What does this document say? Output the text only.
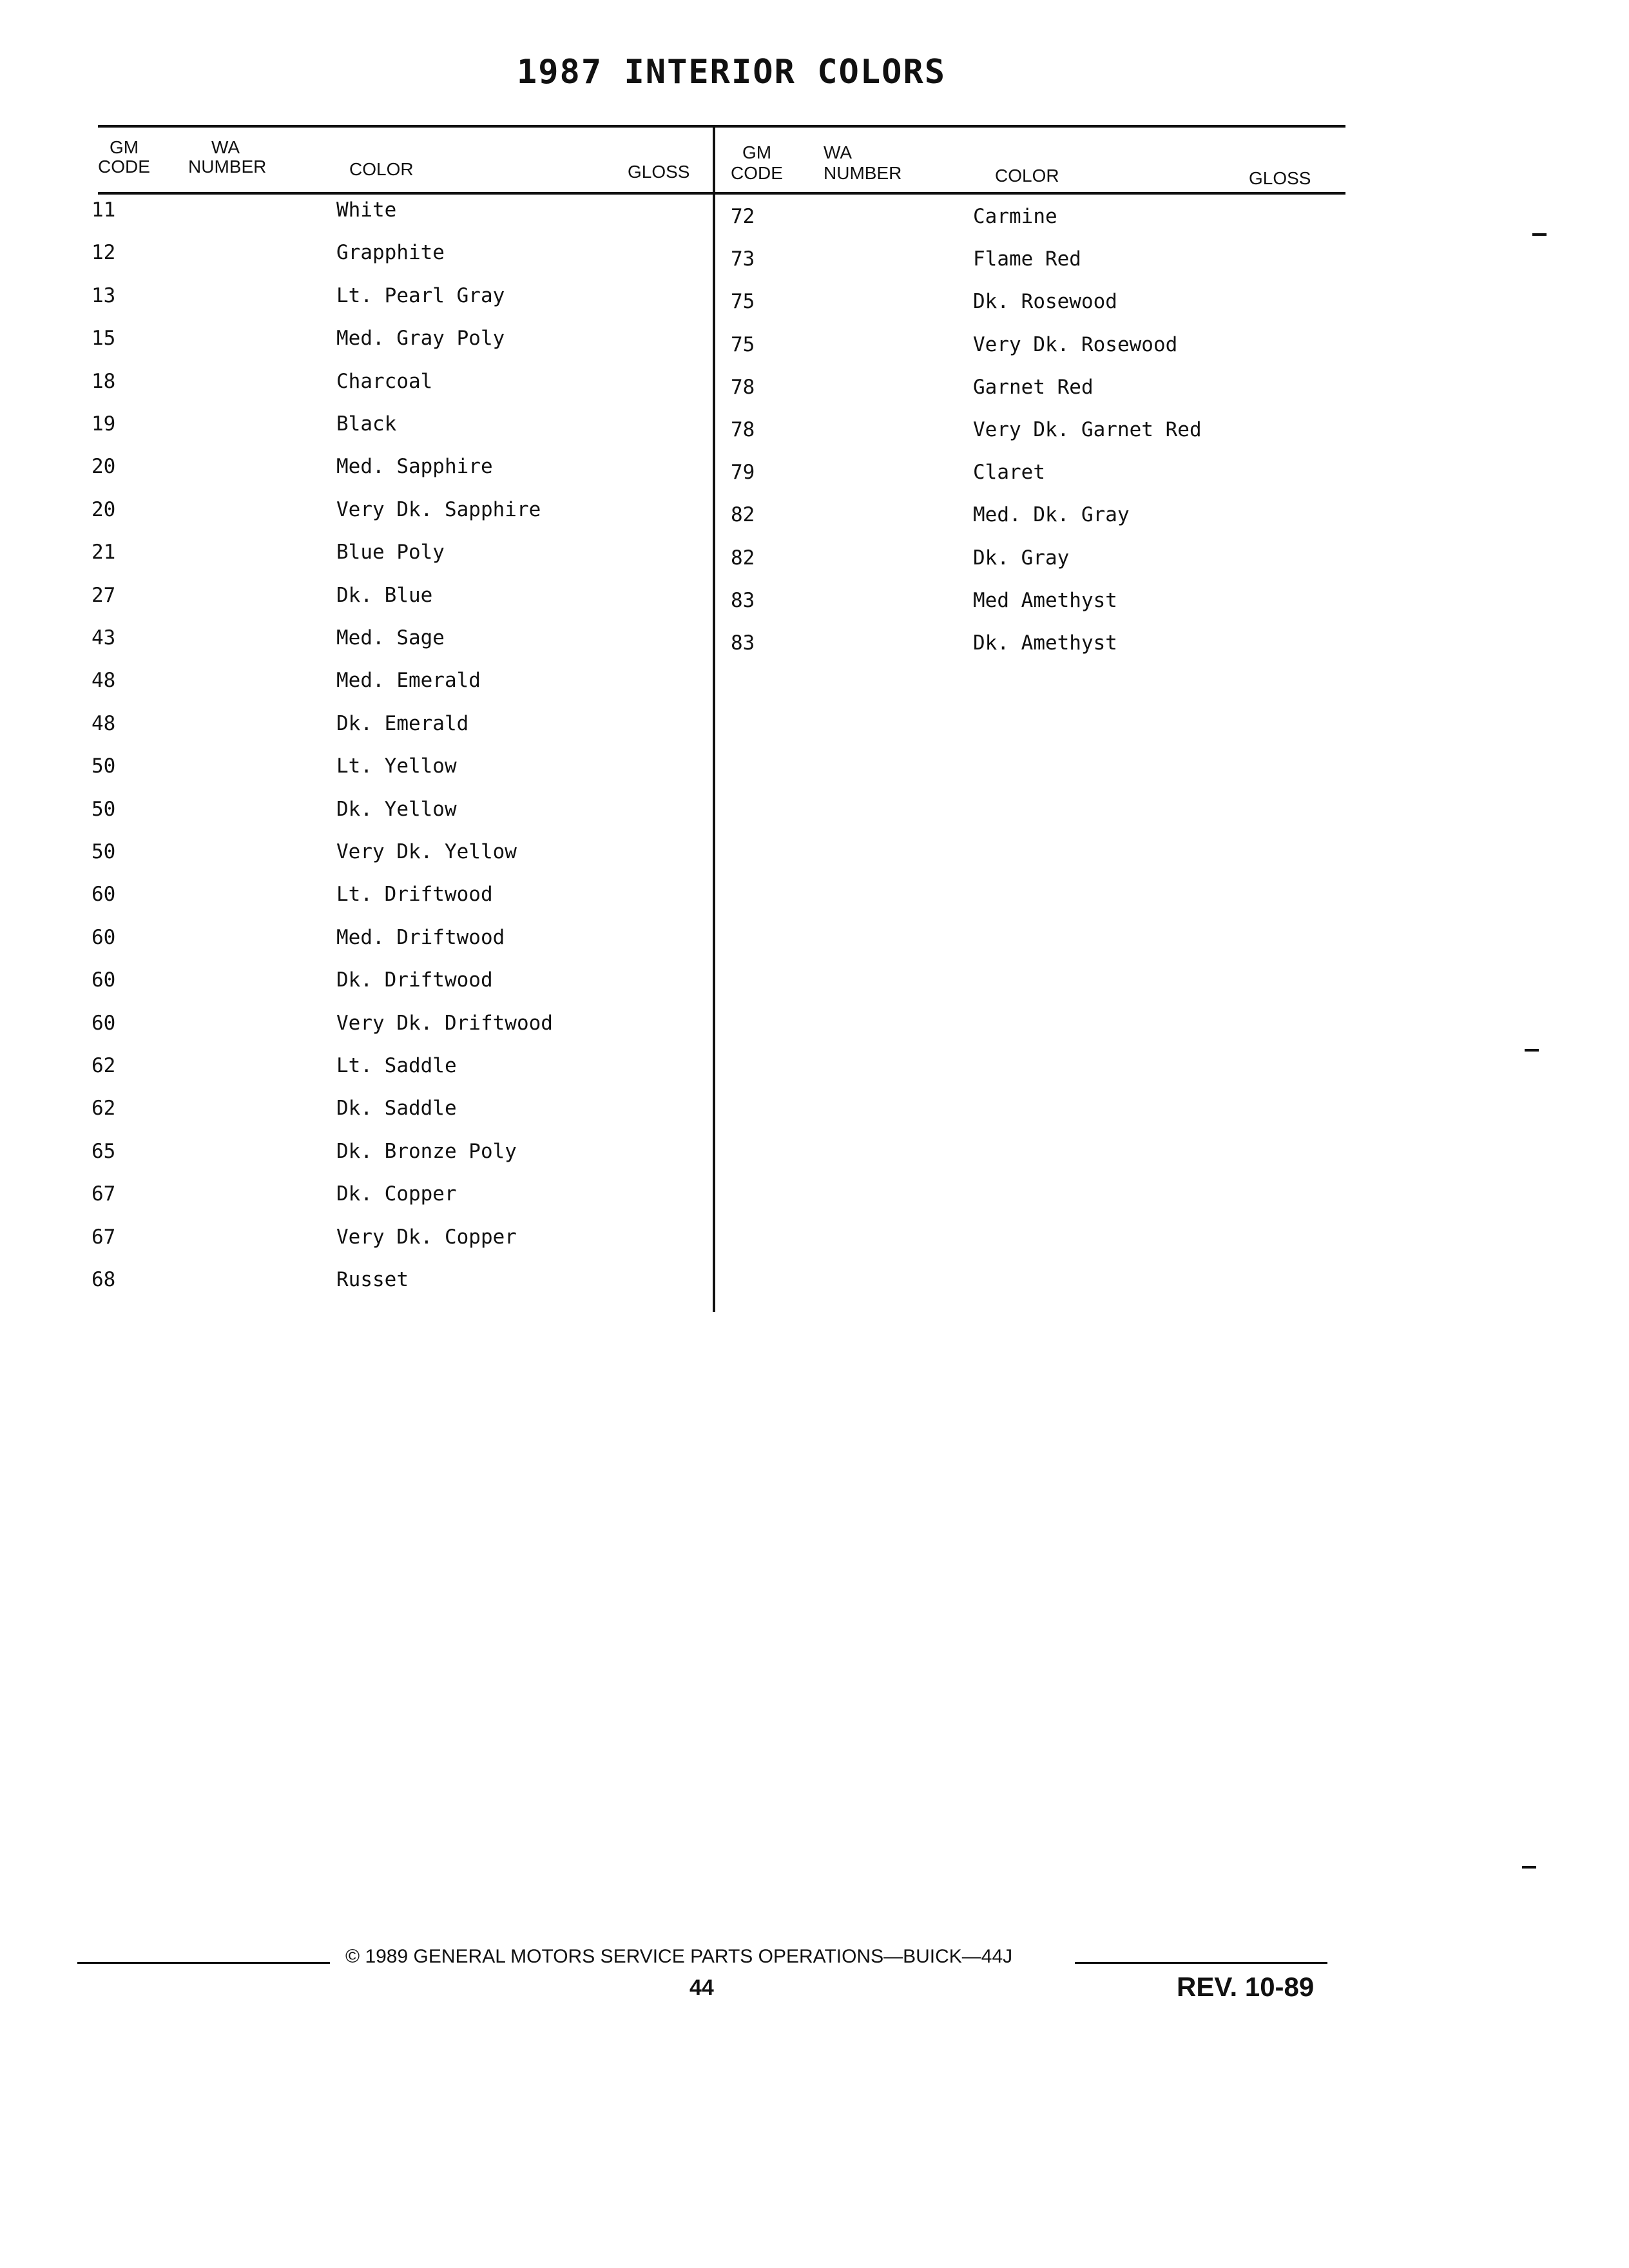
1987 INTERIOR COLORS
GM
CODE
WA
NUMBER	COLOR	GLOSS
GM
CODE
WA
NUMBER	COLOR	GLOSS
11	White
12	Grapphite
13	Lt. Pearl Gray
15	Med. Gray Poly
18	Charcoal
19	Black
20	Med. Sapphire
20	Very Dk. Sapphire
21	Blue Poly
27	Dk. Blue
43	Med. Sage
48	Med. Emerald
48	Dk. Emerald
50	Lt. Yellow
50	Dk. Yellow
50	Very Dk. Yellow
60	Lt. Driftwood
60	Med. Driftwood
60	Dk. Driftwood
60	Very Dk. Driftwood
62	Lt. Saddle
62	Dk. Saddle
65	Dk. Bronze Poly
67	Dk. Copper
67	Very Dk. Copper
68	Russet
72	Carmine
73	Flame Red
75	Dk. Rosewood
75	Very Dk. Rosewood
78	Garnet Red
78	Very Dk. Garnet Red
79	Claret
82	Med. Dk. Gray
82	Dk. Gray
83	Med Amethyst
83	Dk. Amethyst
© 1989 GENERAL MOTORS SERVICE PARTS OPERATIONS—BUICK—44J
44	REV. 10-89
